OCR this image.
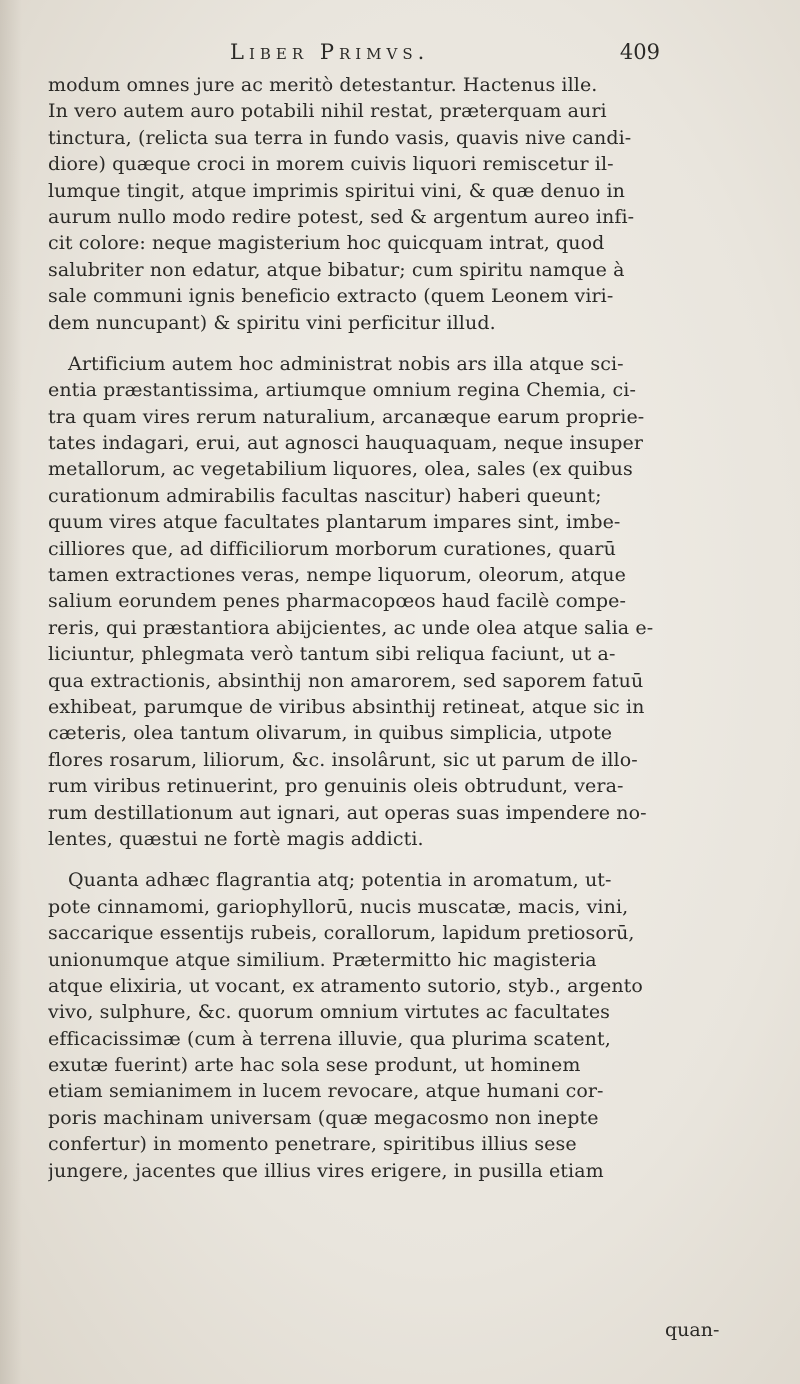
Liber Primvs.	409
modum omnes jure ac meritò detestantur. Hactenus ille.
In vero autem auro potabili nihil restat, præterquam auri
tinctura, (relicta sua terra in fundo vasis, quavis nive candi-
diore) quæque croci in morem cuivis liquori remiscetur il-
lumque tingit, atque imprimis spiritui vini, & quæ denuo in
aurum nullo modo redire potest, sed & argentum aureo infi-
cit colore: neque magisterium hoc quicquam intrat, quod
salubriter non edatur, atque bibatur; cum spiritu namque à
sale communi ignis beneficio extracto (quem Leonem viri-
dem nuncupant) & spiritu vini perficitur illud.
Artificium autem hoc administrat nobis ars illa atque sci-
entia præstantissima, artiumque omnium regina Chemia, ci-
tra quam vires rerum naturalium, arcanæque earum proprie-
tates indagari, erui, aut agnosci hauquaquam, neque insuper
metallorum, ac vegetabilium liquores, olea, sales (ex quibus
curationum admirabilis facultas nascitur) haberi queunt;
quum vires atque facultates plantarum impares sint, imbe-
cilliores que, ad difficiliorum morborum curationes, quarū
tamen extractiones veras, nempe liquorum, oleorum, atque
salium eorundem penes pharmacopœos haud facilè compe-
reris, qui præstantiora abijcientes, ac unde olea atque salia e-
liciuntur, phlegmata verò tantum sibi reliqua faciunt, ut a-
qua extractionis, absinthij non amarorem, sed saporem fatuū
exhibeat, parumque de viribus absinthij retineat, atque sic in
cæteris, olea tantum olivarum, in quibus simplicia, utpote
flores rosarum, liliorum, &c. insolârunt, sic ut parum de illo-
rum viribus retinuerint, pro genuinis oleis obtrudunt, vera-
rum destillationum aut ignari, aut operas suas impendere no-
lentes, quæstui ne fortè magis addicti.
Quanta adhæc flagrantia atq; potentia in aromatum, ut-
pote cinnamomi, gariophyllorū, nucis muscatæ, macis, vini,
saccarique essentijs rubeis, corallorum, lapidum pretiosorū,
unionumque atque similium. Prætermitto hic magisteria
atque elixiria, ut vocant, ex atramento sutorio, styb., argento
vivo, sulphure, &c. quorum omnium virtutes ac facultates
efficacissimæ (cum à terrena illuvie, qua plurima scatent,
exutæ fuerint) arte hac sola sese produnt, ut hominem
etiam semianimem in lucem revocare, atque humani cor-
poris machinam universam (quæ megacosmo non inepte
confertur) in momento penetrare, spiritibus illius sese
jungere, jacentes que illius vires erigere, in pusilla etiam
quan-
